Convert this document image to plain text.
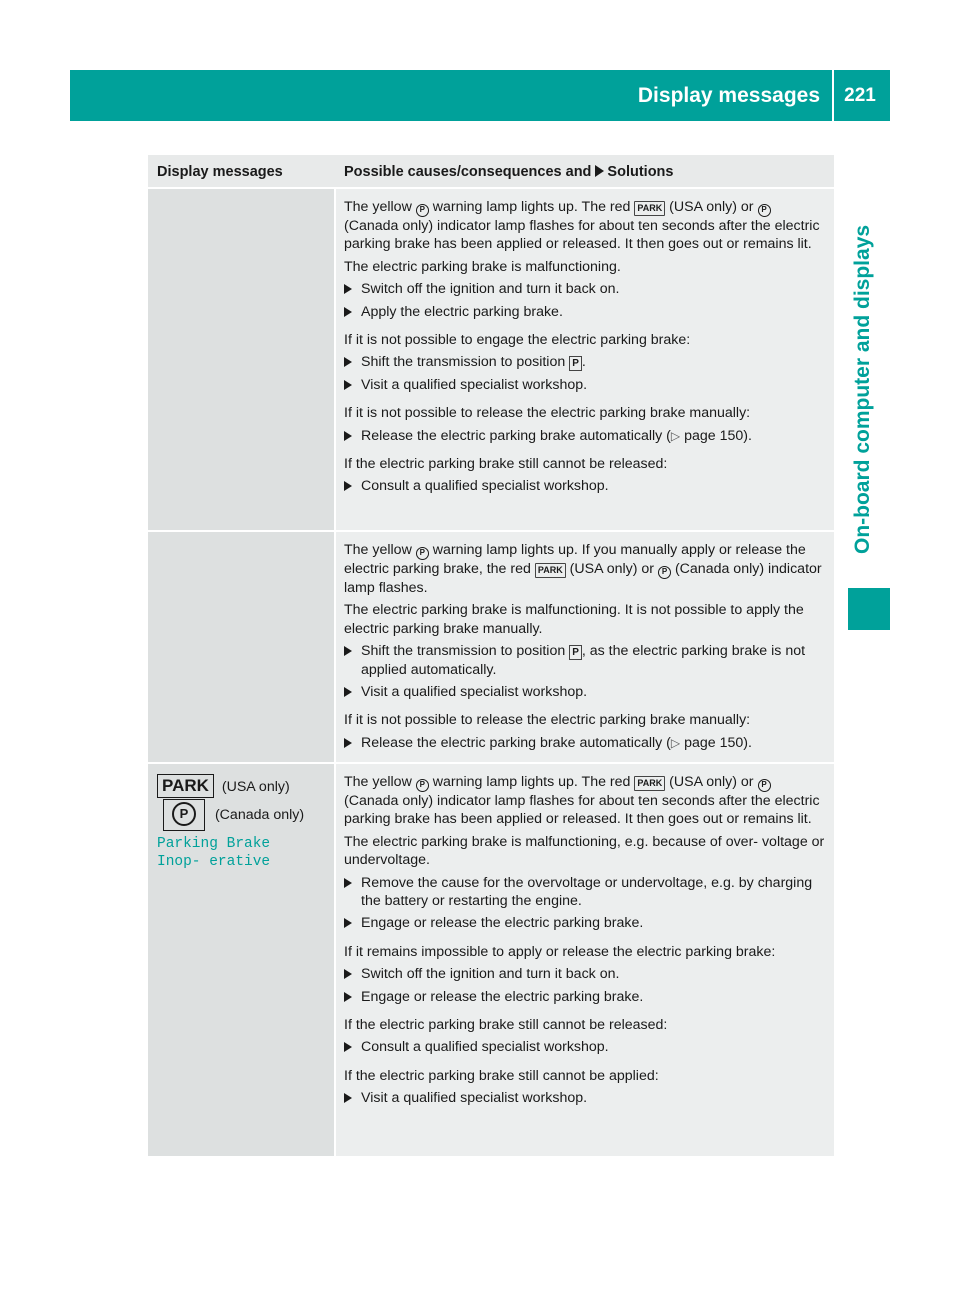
Display messages	221
On-board computer and displays
Display messages	Possible causes/consequences and Solutions
The yellow P warning lamp lights up. The red PARK (USA only) or P (Canada only) indicator lamp flashes for about ten seconds after the electric parking brake has been applied or released. It then goes out or remains lit.
The electric parking brake is malfunctioning.
Switch off the ignition and turn it back on.
Apply the electric parking brake.
If it is not possible to engage the electric parking brake:
Shift the transmission to position P .
Visit a qualified specialist workshop.
If it is not possible to release the electric parking brake manually:
Release the electric parking brake automatically (▷ page 150).
If the electric parking brake still cannot be released:
Consult a qualified specialist workshop.
The yellow P warning lamp lights up. If you manually apply or release the electric parking brake, the red PARK (USA only) or P (Canada only) indicator lamp flashes.
The electric parking brake is malfunctioning. It is not possible to apply the electric parking brake manually.
Shift the transmission to position P , as the electric parking brake is not applied automatically.
Visit a qualified specialist workshop.
If it is not possible to release the electric parking brake manually:
Release the electric parking brake automatically (▷ page 150).
PARK (USA only) P (Canada only)
Parking Brake Inop‐ erative
The yellow P warning lamp lights up. The red PARK (USA only) or P (Canada only) indicator lamp flashes for about ten seconds after the electric parking brake has been applied or released. It then goes out or remains lit.
The electric parking brake is malfunctioning, e.g. because of over- voltage or undervoltage.
Remove the cause for the overvoltage or undervoltage, e.g. by charging the battery or restarting the engine.
Engage or release the electric parking brake.
If it remains impossible to apply or release the electric parking brake:
Switch off the ignition and turn it back on.
Engage or release the electric parking brake.
If the electric parking brake still cannot be released:
Consult a qualified specialist workshop.
If the electric parking brake still cannot be applied:
Visit a qualified specialist workshop.
